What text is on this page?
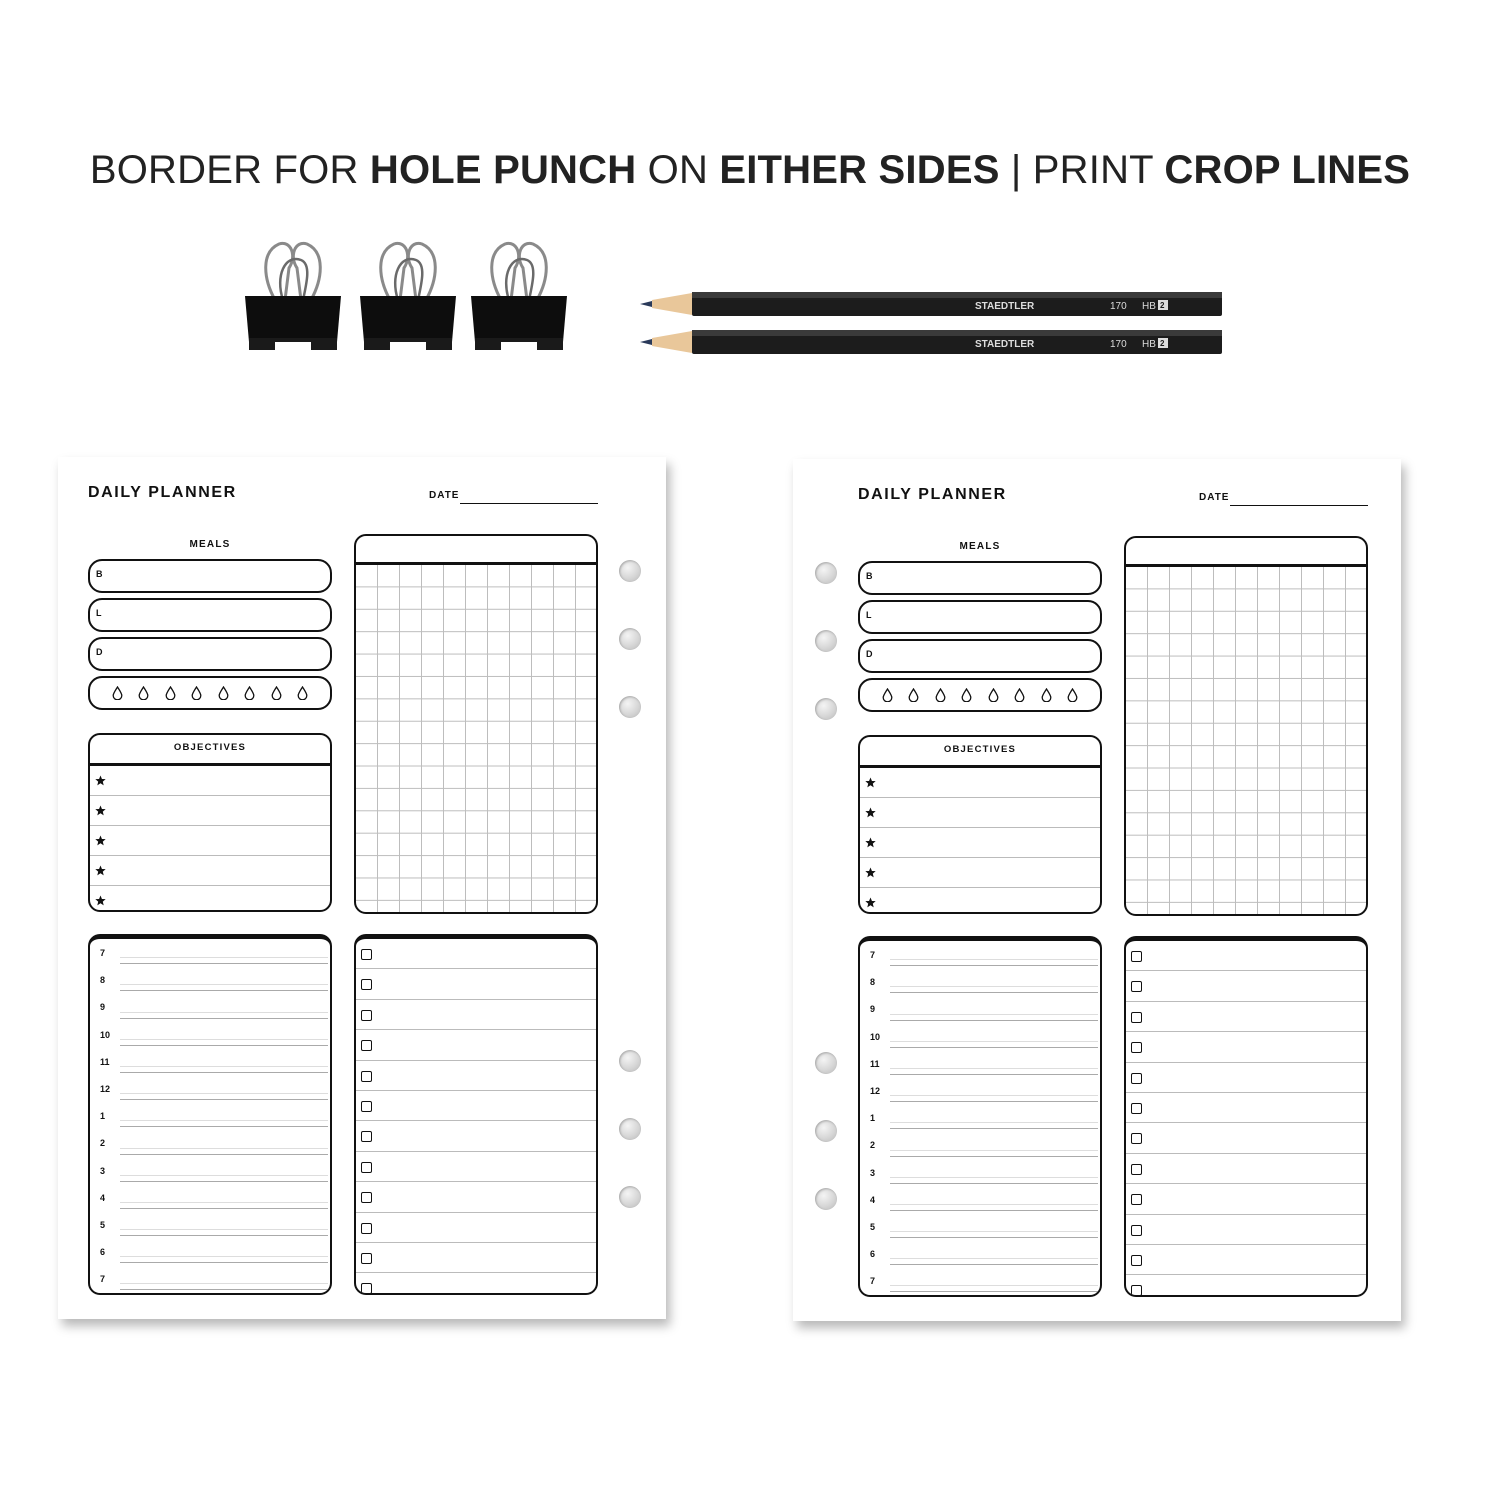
BORDER FOR HOLE PUNCH ON EITHER SIDES | PRINT CROP LINES
STAEDTLER	170 HB 2
STAEDTLER	170 HB 2
DAILY PLANNER	DATE
MEALS
B
L
D
OBJECTIVES
7
8
9
10
11
12
1
2
3
4
5
6
7
DAILY PLANNER	DATE
MEALS
B
L
D
OBJECTIVES
7
8
9
10
11
12
1
2
3
4
5
6
7
